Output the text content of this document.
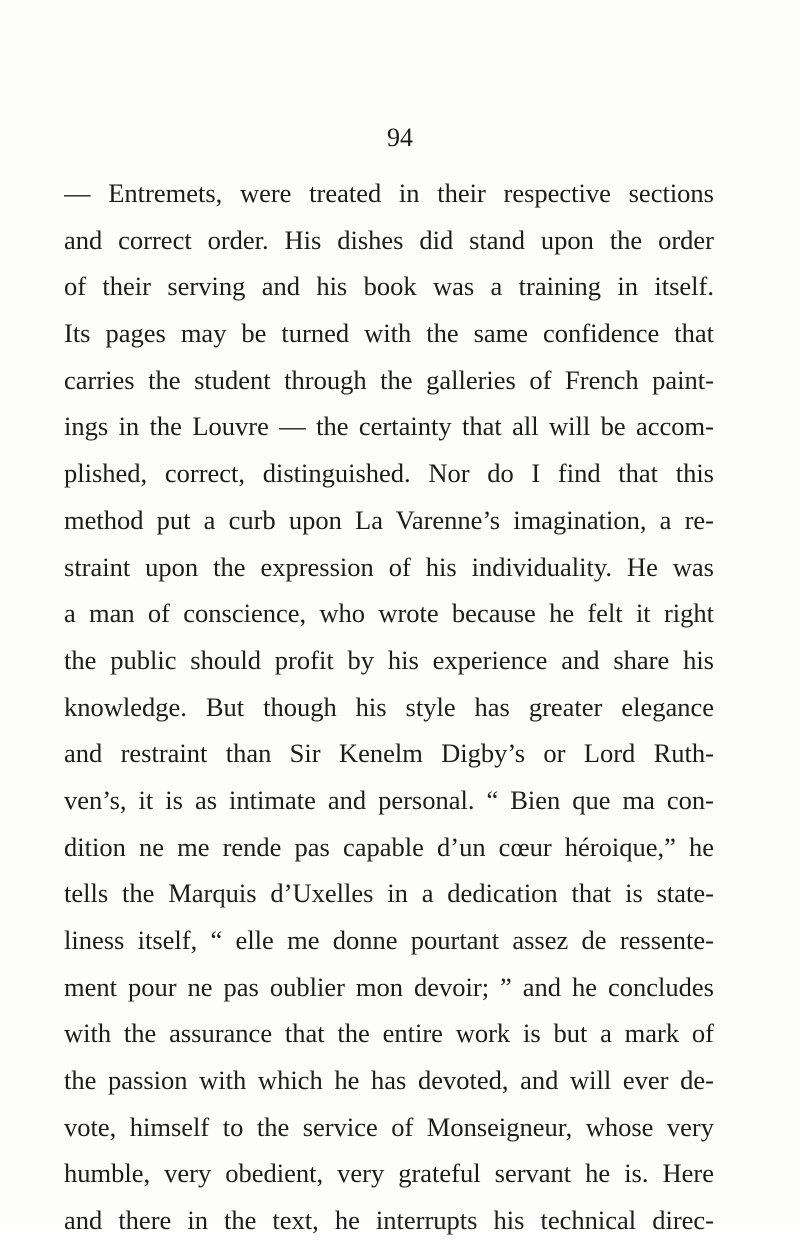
94
— Entremets, were treated in their respective sections
and correct order. His dishes did stand upon the order
of their serving and his book was a training in itself.
Its pages may be turned with the same confidence that
carries the student through the galleries of French paint-
ings in the Louvre — the certainty that all will be accom-
plished, correct, distinguished. Nor do I find that this
method put a curb upon La Varenne’s imagination, a re-
straint upon the expression of his individuality. He was
a man of conscience, who wrote because he felt it right
the public should profit by his experience and share his
knowledge. But though his style has greater elegance
and restraint than Sir Kenelm Digby’s or Lord Ruth-
ven’s, it is as intimate and personal. “ Bien que ma con-
dition ne me rende pas capable d’un cœur héroique,” he
tells the Marquis d’Uxelles in a dedication that is state-
liness itself, “ elle me donne pourtant assez de ressente-
ment pour ne pas oublier mon devoir; ” and he concludes
with the assurance that the entire work is but a mark of
the passion with which he has devoted, and will ever de-
vote, himself to the service of Monseigneur, whose very
humble, very obedient, very grateful servant he is. Here
and there in the text, he interrupts his technical direc-
